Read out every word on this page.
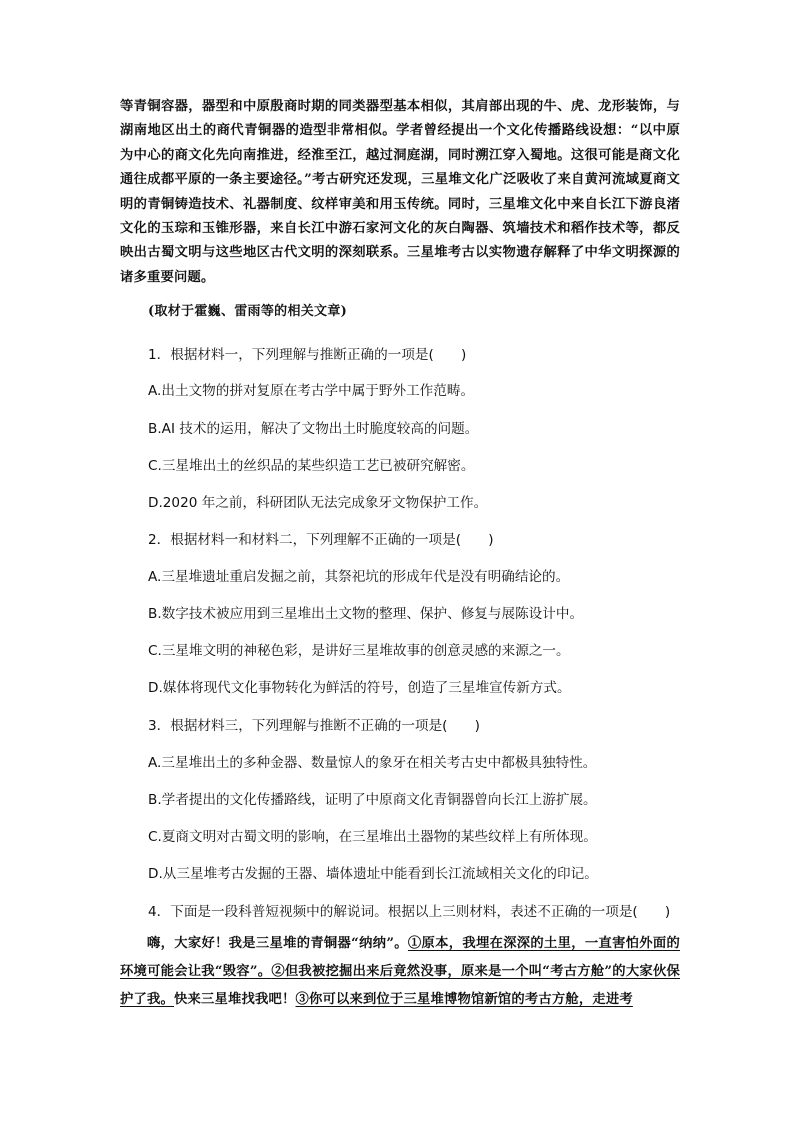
等青铜容器，器型和中原殷商时期的同类器型基本相似，其肩部出现的牛、虎、龙形装饰，与湖南地区出土的商代青铜器的造型非常相似。学者曾经提出一个文化传播路线设想：“以中原为中心的商文化先向南推进，经淮至江，越过洞庭湖，同时溯江穿入蜀地。这很可能是商文化通往成都平原的一条主要途径。”考古研究还发现，三星堆文化广泛吸收了来自黄河流域夏商文明的青铜铸造技术、礼器制度、纹样审美和用玉传统。同时，三星堆文化中来自长江下游良渚文化的玉琮和玉锥形器，来自长江中游石家河文化的灰白陶器、筑墙技术和稻作技术等，都反映出古蜀文明与这些地区古代文明的深刻联系。三星堆考古以实物遗存解释了中华文明探源的诸多重要问题。
(取材于霍巍、雷雨等的相关文章)
1．根据材料一，下列理解与推断正确的一项是(　　)
A.出土文物的拼对复原在考古学中属于野外工作范畴。
B.AI 技术的运用，解决了文物出土时脆度较高的问题。
C.三星堆出土的丝织品的某些织造工艺已被研究解密。
D.2020 年之前，科研团队无法完成象牙文物保护工作。
2．根据材料一和材料二，下列理解不正确的一项是(　　)
A.三星堆遗址重启发掘之前，其祭祀坑的形成年代是没有明确结论的。
B.数字技术被应用到三星堆出土文物的整理、保护、修复与展陈设计中。
C.三星堆文明的神秘色彩，是讲好三星堆故事的创意灵感的来源之一。
D.媒体将现代文化事物转化为鲜活的符号，创造了三星堆宣传新方式。
3．根据材料三，下列理解与推断不正确的一项是(　　)
A.三星堆出土的多种金器、数量惊人的象牙在相关考古史中都极具独特性。
B.学者提出的文化传播路线，证明了中原商文化青铜器曾向长江上游扩展。
C.夏商文明对古蜀文明的影响，在三星堆出土器物的某些纹样上有所体现。
D.从三星堆考古发掘的王器、墙体遗址中能看到长江流域相关文化的印记。
4．下面是一段科普短视频中的解说词。根据以上三则材料，表述不正确的一项是(　　)
嗨，大家好！我是三星堆的青铜器“纳纳”。①原本，我埋在深深的土里，一直害怕外面的环境可能会让我“毁容”。②但我被挖掘出来后竟然没事，原来是一个叫“考古方舱”的大家伙保护了我。快来三星堆找我吧！③你可以来到位于三星堆博物馆新馆的考古方舱，走进考
